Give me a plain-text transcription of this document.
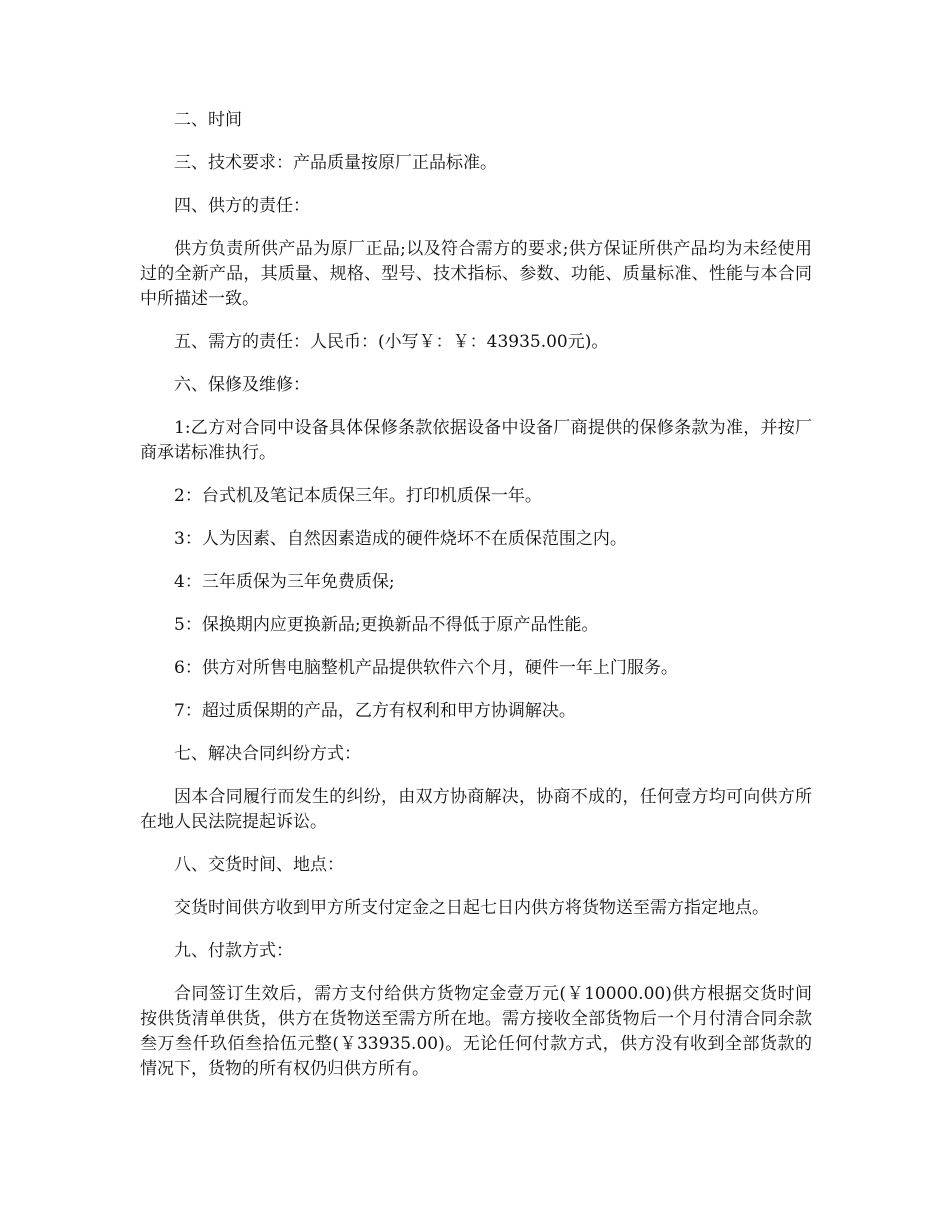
二、时间

三、技术要求：产品质量按原厂正品标准。

四、供方的责任：

供方负责所供产品为原厂正品;以及符合需方的要求;供方保证所供产品均为未经使用过的全新产品，其质量、规格、型号、技术指标、参数、功能、质量标准、性能与本合同中所描述一致。

五、需方的责任：人民币：(小写￥：￥：43935.00元)。

六、保修及维修：

1:乙方对合同中设备具体保修条款依据设备中设备厂商提供的保修条款为准，并按厂商承诺标准执行。

2：台式机及笔记本质保三年。打印机质保一年。

3：人为因素、自然因素造成的硬件烧坏不在质保范围之内。

4：三年质保为三年免费质保;

5：保换期内应更换新品;更换新品不得低于原产品性能。

6：供方对所售电脑整机产品提供软件六个月，硬件一年上门服务。

7：超过质保期的产品，乙方有权利和甲方协调解决。

七、解决合同纠纷方式：

因本合同履行而发生的纠纷，由双方协商解决，协商不成的，任何壹方均可向供方所在地人民法院提起诉讼。

八、交货时间、地点：

交货时间供方收到甲方所支付定金之日起七日内供方将货物送至需方指定地点。

九、付款方式：

合同签订生效后，需方支付给供方货物定金壹万元(￥10000.00)供方根据交货时间按供货清单供货，供方在货物送至需方所在地。需方接收全部货物后一个月付清合同余款叁万叁仟玖佰叁拾伍元整(￥33935.00)。无论任何付款方式，供方没有收到全部货款的情况下，货物的所有权仍归供方所有。
